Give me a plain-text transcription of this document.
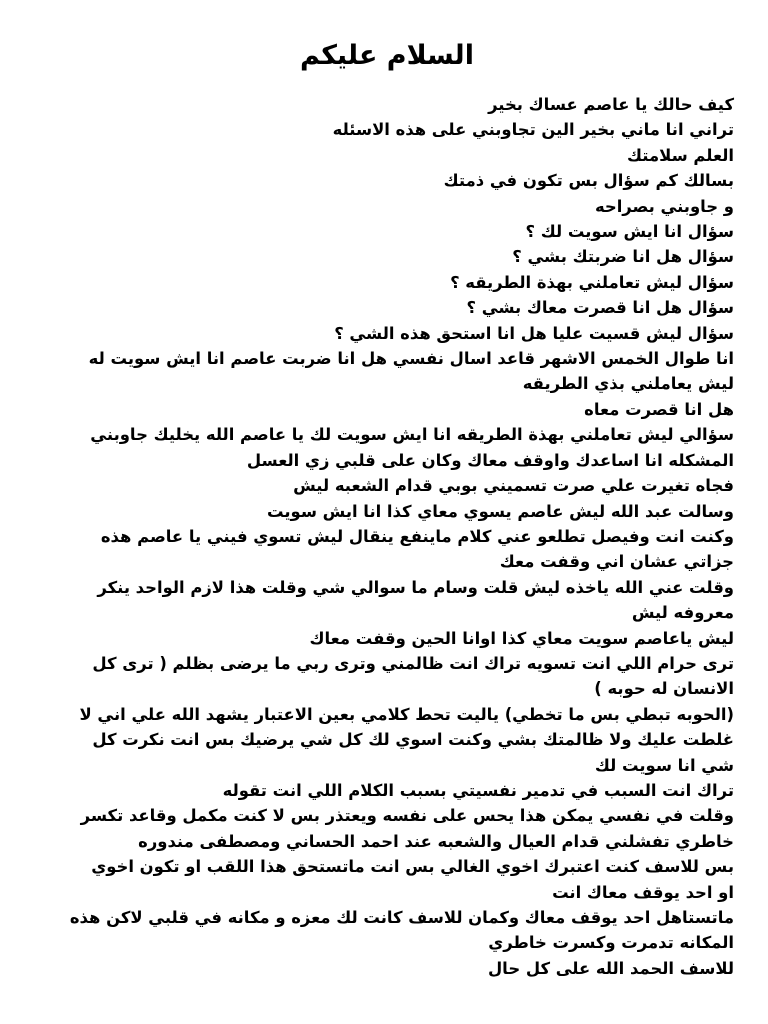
السلام عليكم
كيف حالك يا عاصم عساك بخير
تراني انا ماني بخير الين تجاوبني على هذه الاسئله
العلم سلامتك
بسالك كم سؤال بس تكون في ذمتك
و جاوبني بصراحه
سؤال انا ايش سويت لك ؟
سؤال هل انا ضربتك بشي ؟
سؤال ليش تعاملني بهذة الطريقه ؟
سؤال هل انا قصرت معاك بشي ؟
سؤال ليش قسيت عليا هل انا استحق هذه الشي ؟
انا طوال الخمس الاشهر قاعد اسال نفسي هل انا ضربت عاصم انا ايش سويت له
ليش يعاملني بذي الطريقه
هل انا قصرت معاه
سؤالي ليش تعاملني بهذة الطريقه انا ايش سويت لك يا عاصم الله يخليك جاوبني
المشكله انا اساعدك واوقف معاك وكان على قلبي زي العسل
فجاه تغيرت علي صرت تسميني بوبي قدام الشعبه ليش
وسالت عبد الله ليش عاصم يسوي معاي كذا انا ايش سويت
وكنت انت وفيصل تطلعو عني كلام ماينفع ينقال ليش تسوي فيني يا عاصم هذه
جزاتي عشان اني وقفت معك
وقلت عني الله ياخذه ليش قلت وسام ما سوالي شي وقلت هذا لازم الواحد ينكر
معروفه ليش
ليش ياعاصم سويت معاي كذا اوانا الحين وقفت معاك
ترى حرام اللي انت تسويه تراك انت ظالمني وترى ربي ما يرضى بظلم ( ترى كل
الانسان له حوبه )
(الحوبه تبطي بس ما تخطي) ياليت تحط كلامي بعين الاعتبار يشهد الله علي اني لا
غلطت عليك ولا ظالمتك بشي وكنت اسوي لك كل شي يرضيك بس انت نكرت كل
شي انا سويت لك
تراك انت السبب في تدمير نفسيتي بسبب الكلام اللي انت تقوله
وقلت في نفسي يمكن هذا يحس على نفسه ويعتذر بس لا كنت مكمل وقاعد تكسر
خاطري تفشلني قدام العيال والشعبه عند احمد الحساني ومصطفى مندوره
بس للاسف كنت اعتبرك اخوي الغالي بس انت ماتستحق هذا اللقب او تكون اخوي
او احد يوقف معاك انت
ماتستاهل احد يوقف معاك وكمان للاسف كانت لك معزه و مكانه في قلبي لاكن هذه
المكانه تدمرت وكسرت خاطري
للاسف الحمد الله على كل حال
